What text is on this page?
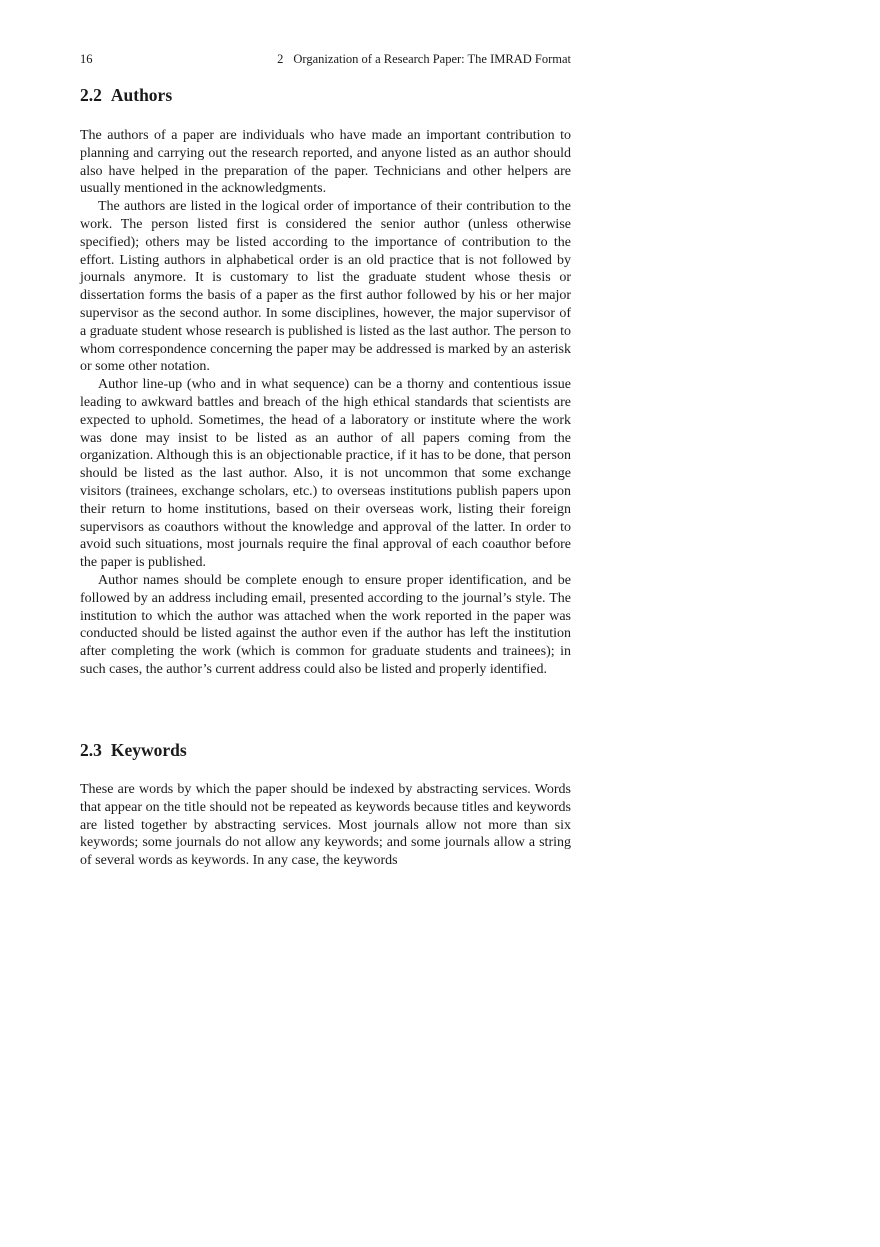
16	2 Organization of a Research Paper: The IMRAD Format
2.2 Authors

The authors of a paper are individuals who have made an important contribution to planning and carrying out the research reported, and anyone listed as an author should also have helped in the preparation of the paper. Technicians and other helpers are usually mentioned in the acknowledgments.

The authors are listed in the logical order of importance of their contribution to the work. The person listed first is considered the senior author (unless otherwise specified); others may be listed according to the importance of contribution to the effort. Listing authors in alphabetical order is an old practice that is not followed by journals anymore. It is customary to list the graduate student whose thesis or dissertation forms the basis of a paper as the first author followed by his or her major supervisor as the second author. In some disciplines, however, the major supervisor of a graduate student whose research is published is listed as the last author. The person to whom correspondence concerning the paper may be addressed is marked by an asterisk or some other notation.

Author line-up (who and in what sequence) can be a thorny and contentious issue leading to awkward battles and breach of the high ethical standards that scientists are expected to uphold. Sometimes, the head of a laboratory or institute where the work was done may insist to be listed as an author of all papers coming from the organization. Although this is an objectionable practice, if it has to be done, that person should be listed as the last author. Also, it is not uncommon that some exchange visitors (trainees, exchange scholars, etc.) to overseas institutions publish papers upon their return to home institutions, based on their overseas work, listing their foreign supervisors as coauthors without the knowledge and approval of the latter. In order to avoid such situations, most journals require the final approval of each coauthor before the paper is published.

Author names should be complete enough to ensure proper identification, and be followed by an address including email, presented according to the journal’s style. The institution to which the author was attached when the work reported in the paper was conducted should be listed against the author even if the author has left the institution after completing the work (which is common for graduate students and trainees); in such cases, the author’s current address could also be listed and properly identified.

2.3 Keywords

These are words by which the paper should be indexed by abstracting services. Words that appear on the title should not be repeated as keywords because titles and keywords are listed together by abstracting services. Most journals allow not more than six keywords; some journals do not allow any keywords; and some journals allow a string of several words as keywords. In any case, the keywords
